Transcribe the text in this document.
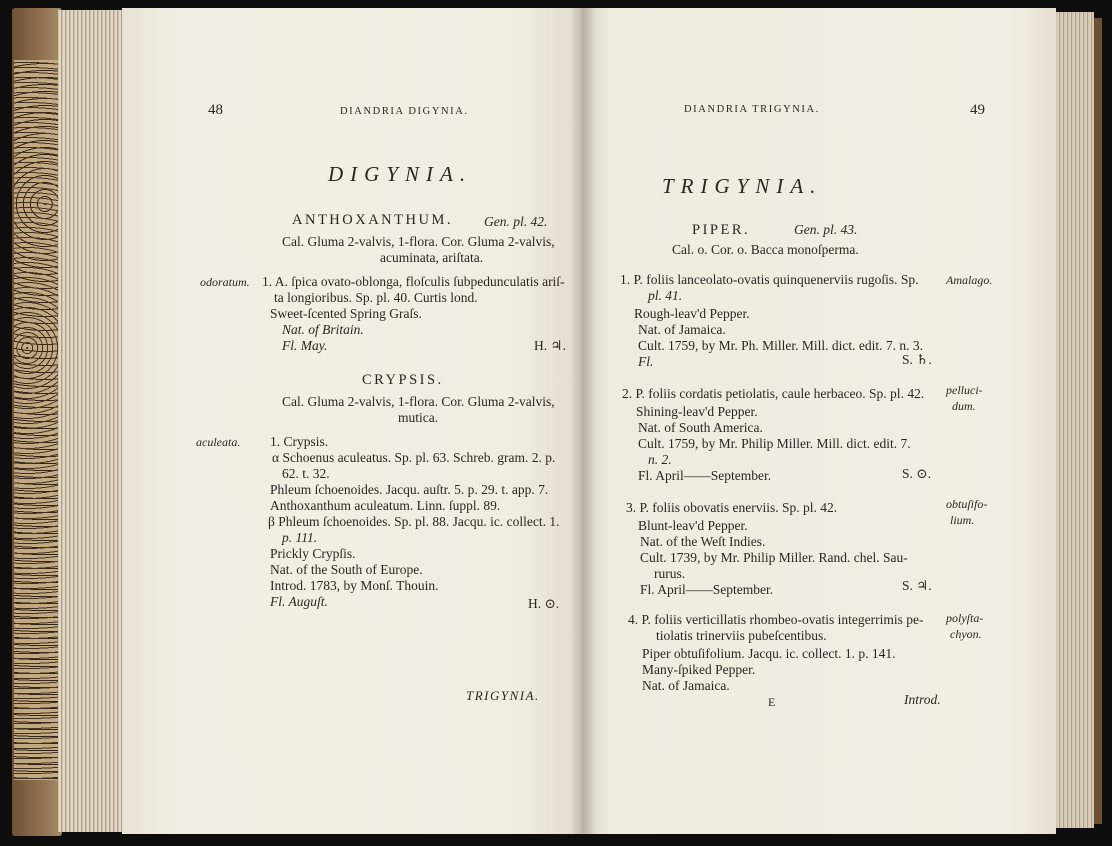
48	DIANDRIA DIGYNIA.
DIGYNIA.
ANTHOXANTHUM. Gen. pl. 42.
Cal. Gluma 2-valvis, 1-flora. Cor. Gluma 2-valvis,
acuminata, ariſtata.
odoratum. 1. A. ſpica ovato-oblonga, floſculis ſubpedunculatis ariſ-
ta longioribus. Sp. pl. 40. Curtis lond.
Sweet-ſcented Spring Graſs.
Nat. of Britain.
Fl. May.	H. ♃.
CRYPSIS.
Cal. Gluma 2-valvis, 1-flora. Cor. Gluma 2-valvis,
mutica.
aculeata. 1. Crypsis.
α Schoenus aculeatus. Sp. pl. 63. Schreb. gram. 2. p.
62. t. 32.
Phleum ſchoenoides. Jacqu. auſtr. 5. p. 29. t. app. 7.
Anthoxanthum aculeatum. Linn. ſuppl. 89.
β Phleum ſchoenoides. Sp. pl. 88. Jacqu. ic. collect. 1.
p. 111.
Prickly Crypſis.
Nat. of the South of Europe.
Introd. 1783, by Monſ. Thouin.
Fl. Auguſt.	H. ⊙.
TRIGYNIA.
DIANDRIA TRIGYNIA.	49
TRIGYNIA.
PIPER.	Gen. pl. 43.
Cal. o. Cor. o. Bacca monoſperma.
1. P. foliis lanceolato-ovatis quinquenerviis rugoſis. Sp. Amalago.
pl. 41.
Rough-leav'd Pepper.
Nat. of Jamaica.
Cult. 1759, by Mr. Ph. Miller. Mill. dict. edit. 7. n. 3.
Fl.	S. ♄.
2. P. foliis cordatis petiolatis, caule herbaceo. Sp. pl. 42. pelluci-
dum.
Shining-leav'd Pepper.
Nat. of South America.
Cult. 1759, by Mr. Philip Miller. Mill. dict. edit. 7.
n. 2.
Fl. April——September.	S. ⊙.
3. P. foliis obovatis enerviis. Sp. pl. 42.	obtuſifo-
lium.
Blunt-leav'd Pepper.
Nat. of the Weſt Indies.
Cult. 1739, by Mr. Philip Miller. Rand. chel. Sau-
rurus.
Fl. April——September.	S. ♃.
4. P. foliis verticillatis rhombeo-ovatis integerrimis pe- polyſta-
chyon.
tiolatis trinerviis pubeſcentibus.
Piper obtuſifolium. Jacqu. ic. collect. 1. p. 141.
Many-ſpiked Pepper.
Nat. of Jamaica.
E	Introd.
